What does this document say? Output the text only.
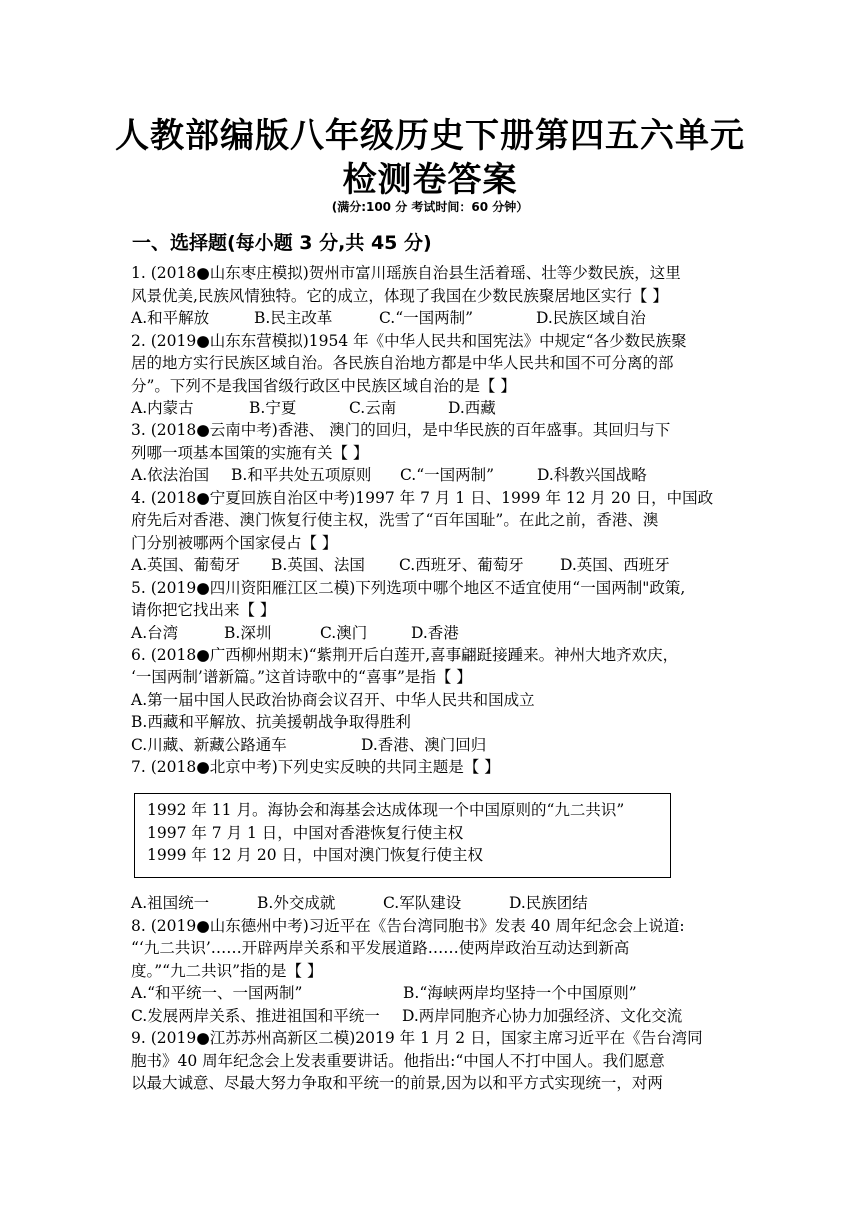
人教部编版八年级历史下册第四五六单元
检测卷答案
(满分:100 分 考试时间：60 分钟）
一、选择题(每小题 3 分,共 45 分)
1. (2018●山东枣庄模拟)贺州市富川瑶族自治县生活着瑶、壮等少数民族，这里
风景优美,民族风情独特。它的成立，体现了我国在少数民族聚居地区实行【 】
A.和平解放	B.民主改革	C.“一国两制”	D.民族区域自治
2. (2019●山东东营模拟)1954 年《中华人民共和国宪法》中规定“各少数民族聚
居的地方实行民族区域自治。各民族自治地方都是中华人民共和国不可分离的部
分”。下列不是我国省级行政区中民族区域自治的是【 】
A.内蒙古	B.宁夏	C.云南	D.西藏
3. (2018●云南中考)香港、 澳门的回归，是中华民族的百年盛事。其回归与下
列哪一项基本国策的实施有关【 】
A.依法治国 B.和平共处五项原则 C.“一国两制”	D.科教兴国战略
4. (2018●宁夏回族自治区中考)1997 年 7 月 1 日、1999 年 12 月 20 日，中国政
府先后对香港、澳门恢复行使主权，洗雪了“百年国耻”。在此之前，香港、澳
门分别被哪两个国家侵占【 】
A.英国、葡萄牙 B.英国、法国 C.西班牙、葡萄牙 D.英国、西班牙
5. (2019●四川资阳雁江区二模)下列选项中哪个地区不适宜使用“一国两制"政策,
请你把它找出来【 】
A.台湾	B.深圳	C.澳门	D.香港
6. (2018●广西柳州期末)“紫荆开后白莲开,喜事翩跹接踵来。神州大地齐欢庆，
‘一国两制’谱新篇。”这首诗歌中的“喜事”是指【 】
A.第一届中国人民政治协商会议召开、中华人民共和国成立
B.西藏和平解放、抗美援朝战争取得胜利
C.川藏、新藏公路通车	D.香港、澳门回归
7. (2018●北京中考)下列史实反映的共同主题是【 】
1992 年 11 月。海协会和海基会达成体现一个中国原则的“九二共识”
1997 年 7 月 1 日，中国对香港恢复行使主权
1999 年 12 月 20 日，中国对澳门恢复行使主权
A.祖国统一	B.外交成就	C.军队建设	D.民族团结
8. (2019●山东德州中考)习近平在《告台湾同胞书》发表 40 周年纪念会上说道:
“‘九二共识’……开辟两岸关系和平发展道路……使两岸政治互动达到新高
度。”“九二共识”指的是【 】
A.“和平统一、一国两制”	B.“海峡两岸均坚持一个中国原则”
C.发展两岸关系、推进祖国和平统一 D.两岸同胞齐心协力加强经济、文化交流
9. (2019●江苏苏州高新区二模)2019 年 1 月 2 日，国家主席习近平在《告台湾同
胞书》40 周年纪念会上发表重要讲话。他指出:“中国人不打中国人。我们愿意
以最大诚意、尽最大努力争取和平统一的前景,因为以和平方式实现统一，对两
